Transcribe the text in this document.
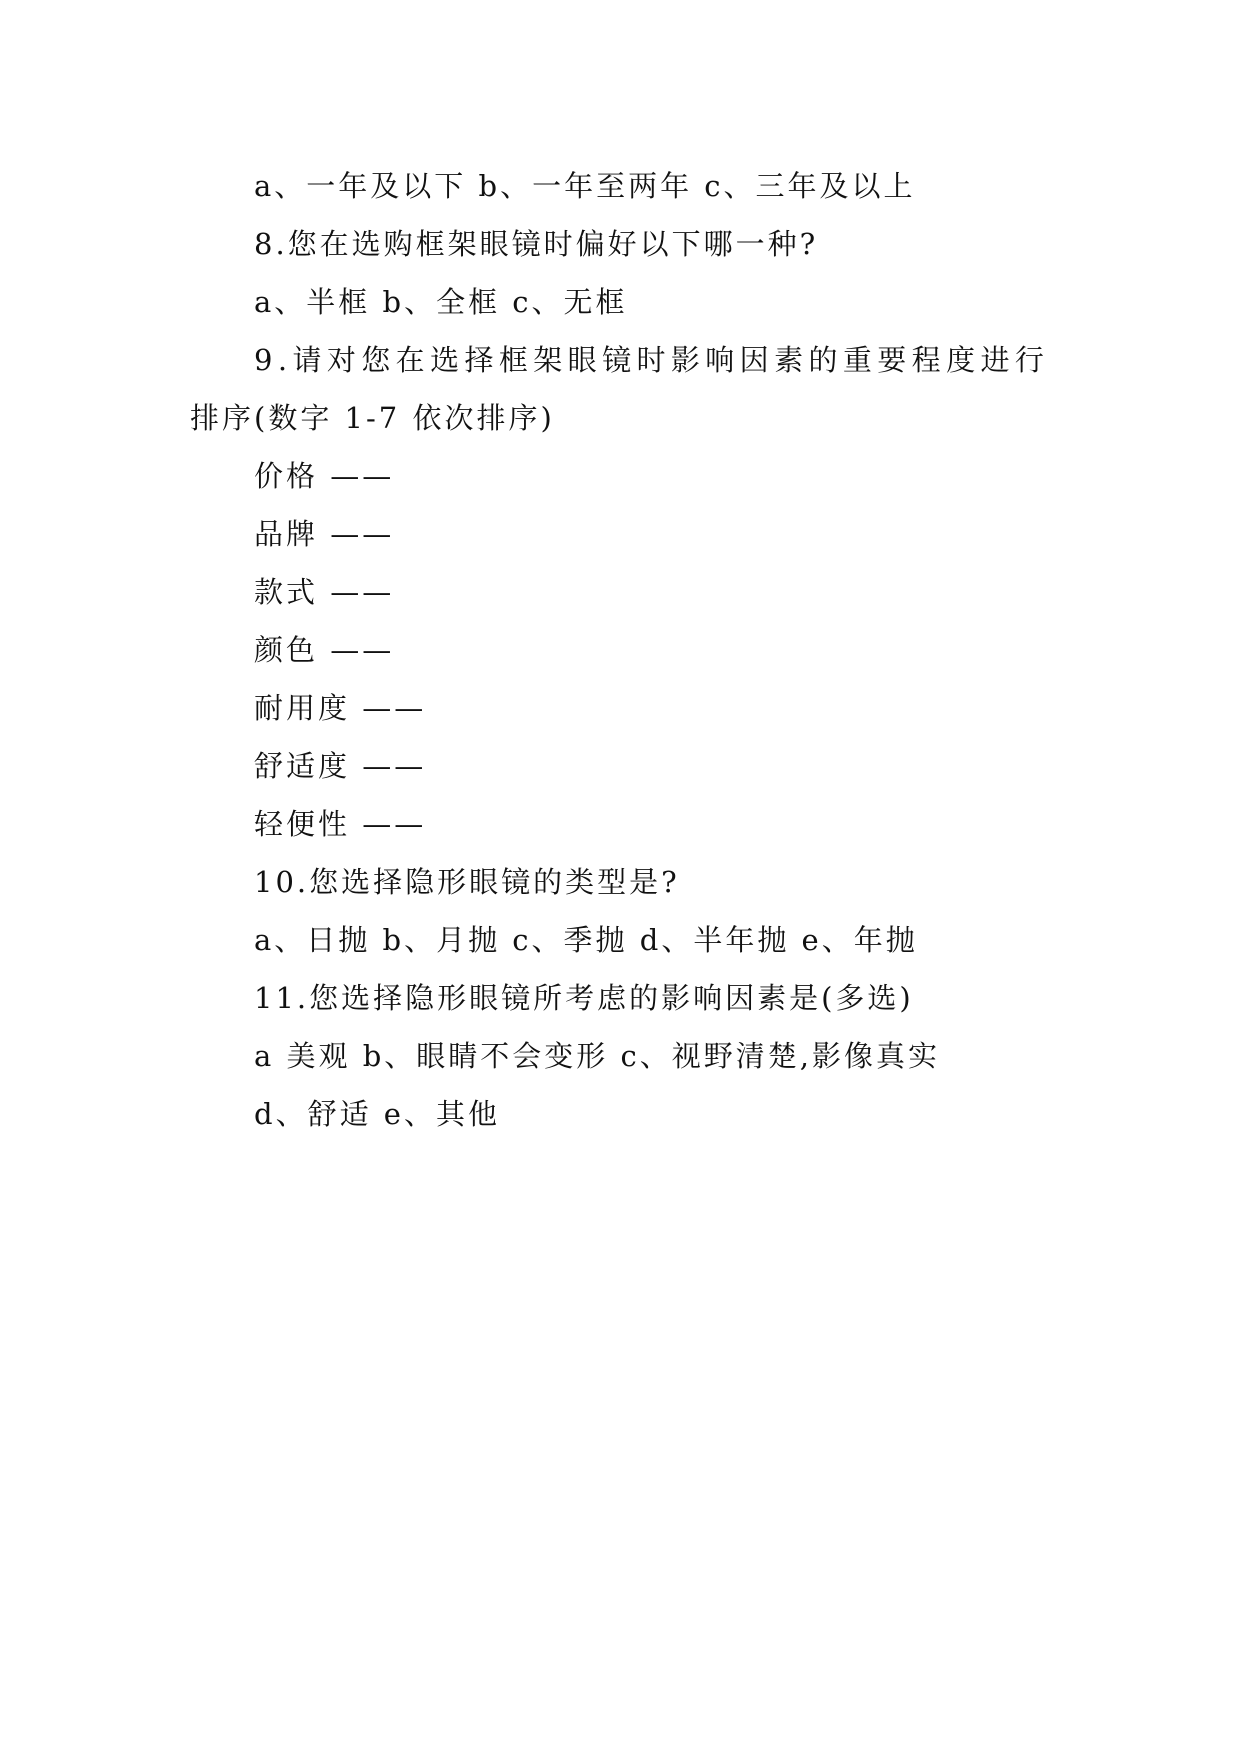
a、一年及以下 b、一年至两年 c、三年及以上
8.您在选购框架眼镜时偏好以下哪一种?
a、半框 b、全框 c、无框
9.请对您在选择框架眼镜时影响因素的重要程度进行
排序(数字 1-7 依次排序)
价格 ——
品牌 ——
款式 ——
颜色 ——
耐用度 ——
舒适度 ——
轻便性 ——
10.您选择隐形眼镜的类型是?
a、日抛 b、月抛 c、季抛 d、半年抛 e、年抛
11.您选择隐形眼镜所考虑的影响因素是(多选)
a 美观 b、眼睛不会变形 c、视野清楚,影像真实
d、舒适 e、其他
